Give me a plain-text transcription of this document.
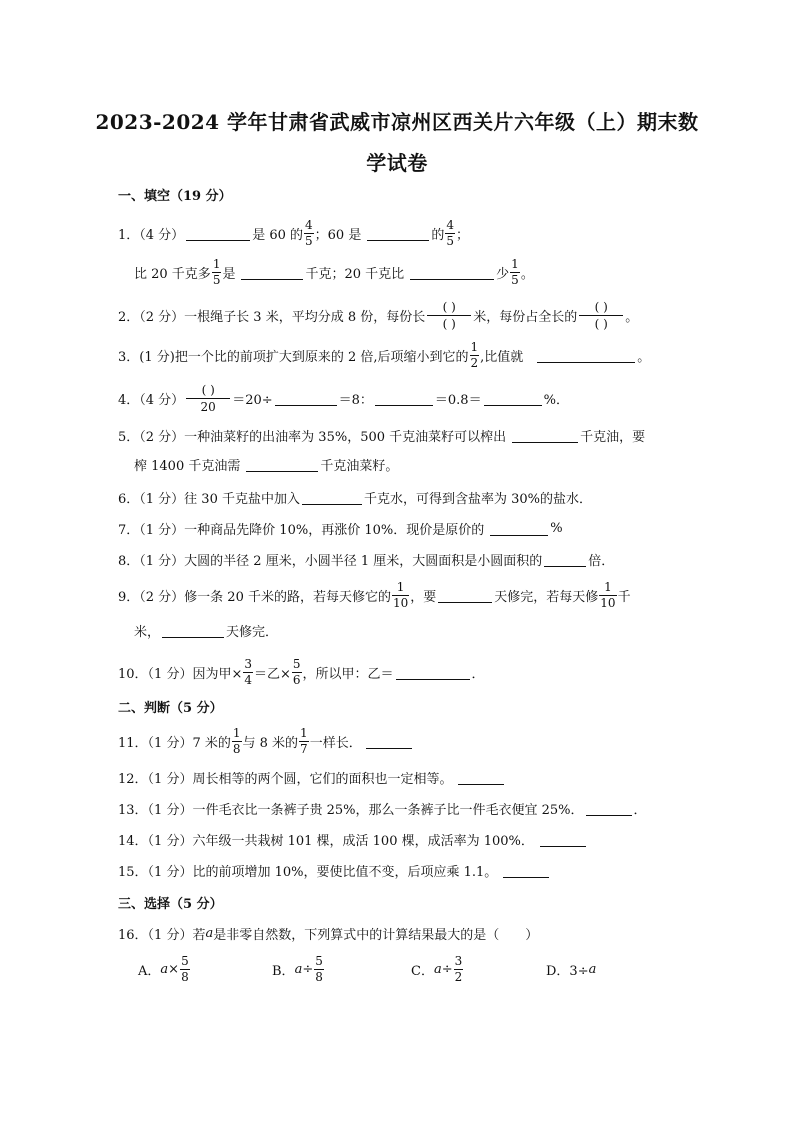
2023-2024 学年甘肃省武威市凉州区西关片六年级（上）期末数
学试卷
一、填空（19 分）
1．（4 分）	是 60 的 $\frac{4}{5}$ ；60 是	的 $\frac{4}{5}$ ；
比 20 千克多 $\frac{1}{5}$ 是	千克；20 千克比	少 $\frac{1}{5}$ 。
2．（2 分）一根绳子长 3 米，平均分成 8 份，每份长
( )
( ) 米，每份占全长的
( )
( ) 。
3．(1 分)把一个比的前项扩大到原来的 2 倍,后项缩小到它的 $\frac{1}{2}$ ,比值就	。
4．（4 分）
( )
20 ＝20÷	＝8：	＝0.8＝	%．
5．（2 分）一种油菜籽的出油率为 35%，500 千克油菜籽可以榨出	千克油，要
榨 1400 千克油需	千克油菜籽。
6．（1 分）往 30 千克盐中加入	千克水，可得到含盐率为 30%的盐水．
7．（1 分）一种商品先降价 10%，再涨价 10%．现价是原价的	%
8．（1 分）大圆的半径 2 厘米，小圆半径 1 厘米，大圆面积是小圆面积的	倍．
9．（2 分）修一条 20 千米的路，若每天修它的 $\frac{1}{10}$ ，要	天修完，若每天修 $\frac{1}{10}$ 千
米，	天修完．
10．（1 分）因为甲× $\frac{3}{4}$ ＝乙× $\frac{5}{6}$ ，所以甲：乙＝	．
二、判断（5 分）
11．（1 分）7 米的 $\frac{1}{8}$ 与 8 米的 $\frac{1}{7}$ 一样长．
12．（1 分）周长相等的两个圆，它们的面积也一定相等。
13．（1 分）一件毛衣比一条裤子贵 25%，那么一条裤子比一件毛衣便宜 25%．	．
14．（1 分）六年级一共栽树 101 棵，成活 100 棵，成活率为 100%．
15．（1 分）比的前项增加 10%，要使比值不变，后项应乘 1.1。
三、选择（5 分）
16．（1 分）若 a 是非零自然数，下列算式中的计算结果最大的是（　　）
A． $a \times \frac{5}{8}$	B． $a \div \frac{5}{8}$	C． $a \div \frac{3}{2}$	D．3÷ a
